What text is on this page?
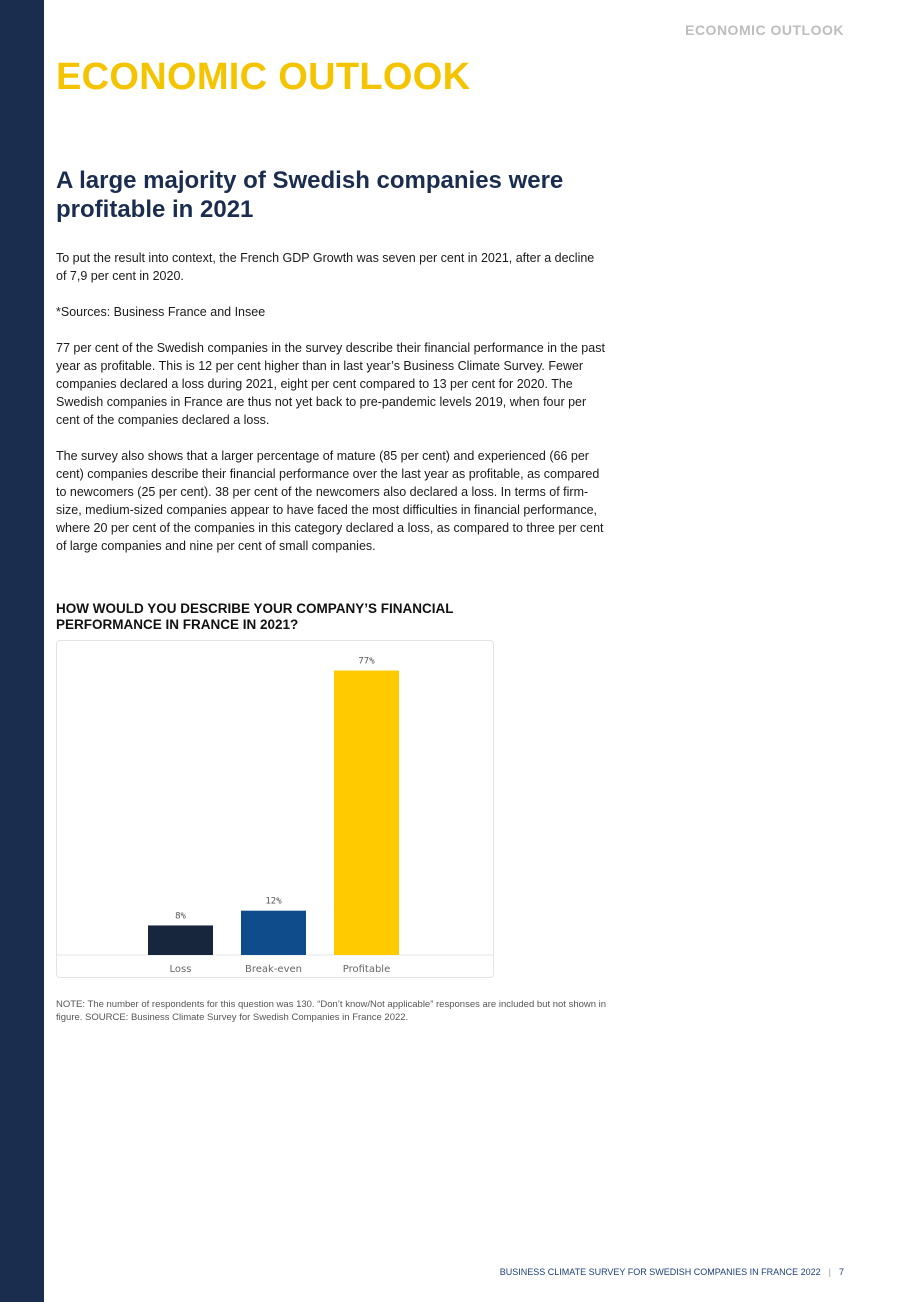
ECONOMIC OUTLOOK
ECONOMIC OUTLOOK
A large majority of Swedish companies were profitable in 2021

To put the result into context, the French GDP Growth was seven per cent in 2021, after a decline of 7,9 per cent in 2020.

*Sources: Business France and Insee

77 per cent of the Swedish companies in the survey describe their financial performance in the past year as profitable. This is 12 per cent higher than in last year’s Business Climate Survey. Fewer companies declared a loss during 2021, eight per cent compared to 13 per cent for 2020. The Swedish companies in France are thus not yet back to pre-pandemic levels 2019, when four per cent of the companies declared a loss.

The survey also shows that a larger percentage of mature (85 per cent) and experienced (66 per cent) companies describe their financial performance over the last year as profitable, as compared to newcomers (25 per cent). 38 per cent of the newcomers also declared a loss. In terms of firm-size, medium-sized companies appear to have faced the most difficulties in financial performance, where 20 per cent of the companies in this category declared a loss, as compared to three per cent of large companies and nine per cent of small companies.

HOW WOULD YOU DESCRIBE YOUR COMPANY’S FINANCIAL PERFORMANCE IN FRANCE IN 2021?
8%
Loss
12%
Break-even
77%
Profitable

NOTE: The number of respondents for this question was 130. “Don’t know/Not applicable” responses are included but not shown in figure. SOURCE: Business Climate Survey for Swedish Companies in France 2022.

BUSINESS CLIMATE SURVEY FOR SWEDISH COMPANIES IN FRANCE 2022 | 7
